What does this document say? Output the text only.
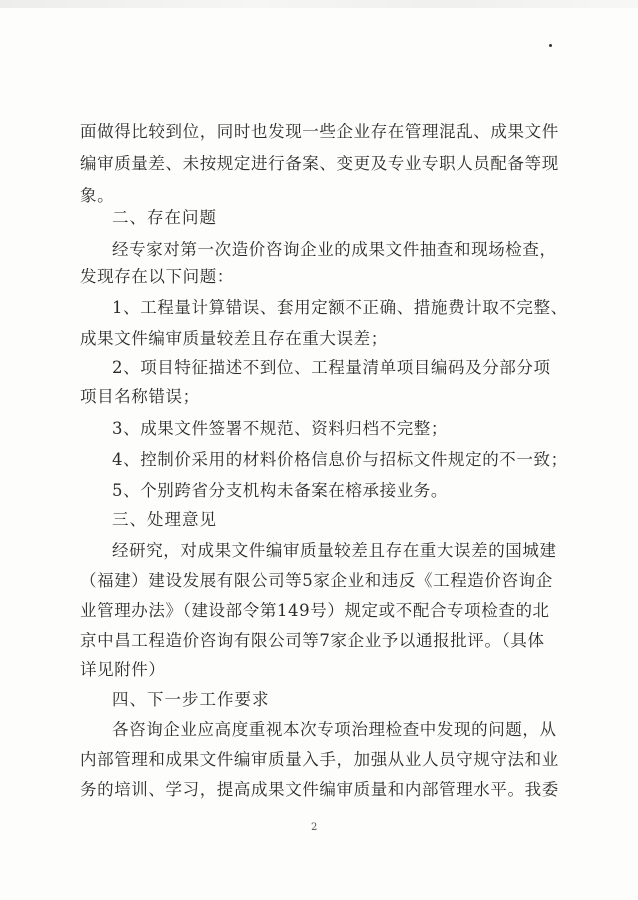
面做得比较到位，同时也发现一些企业存在管理混乱、成果文件
编审质量差、未按规定进行备案、变更及专业专职人员配备等现
象。
二、存在问题
经专家对第一次造价咨询企业的成果文件抽查和现场检查，
发现存在以下问题：
1、工程量计算错误、套用定额不正确、措施费计取不完整、
成果文件编审质量较差且存在重大误差；
2、项目特征描述不到位、工程量清单项目编码及分部分项
项目名称错误；
3、成果文件签署不规范、资料归档不完整；
4、控制价采用的材料价格信息价与招标文件规定的不一致；
5、个别跨省分支机构未备案在榕承接业务。
三、处理意见
经研究，对成果文件编审质量较差且存在重大误差的国城建
（福建）建设发展有限公司等5家企业和违反《工程造价咨询企
业管理办法》（建设部令第149号）规定或不配合专项检查的北
京中昌工程造价咨询有限公司等7家企业予以通报批评。（具体
详见附件）
四、下一步工作要求
各咨询企业应高度重视本次专项治理检查中发现的问题，从
内部管理和成果文件编审质量入手，加强从业人员守规守法和业
务的培训、学习，提高成果文件编审质量和内部管理水平。我委
2
